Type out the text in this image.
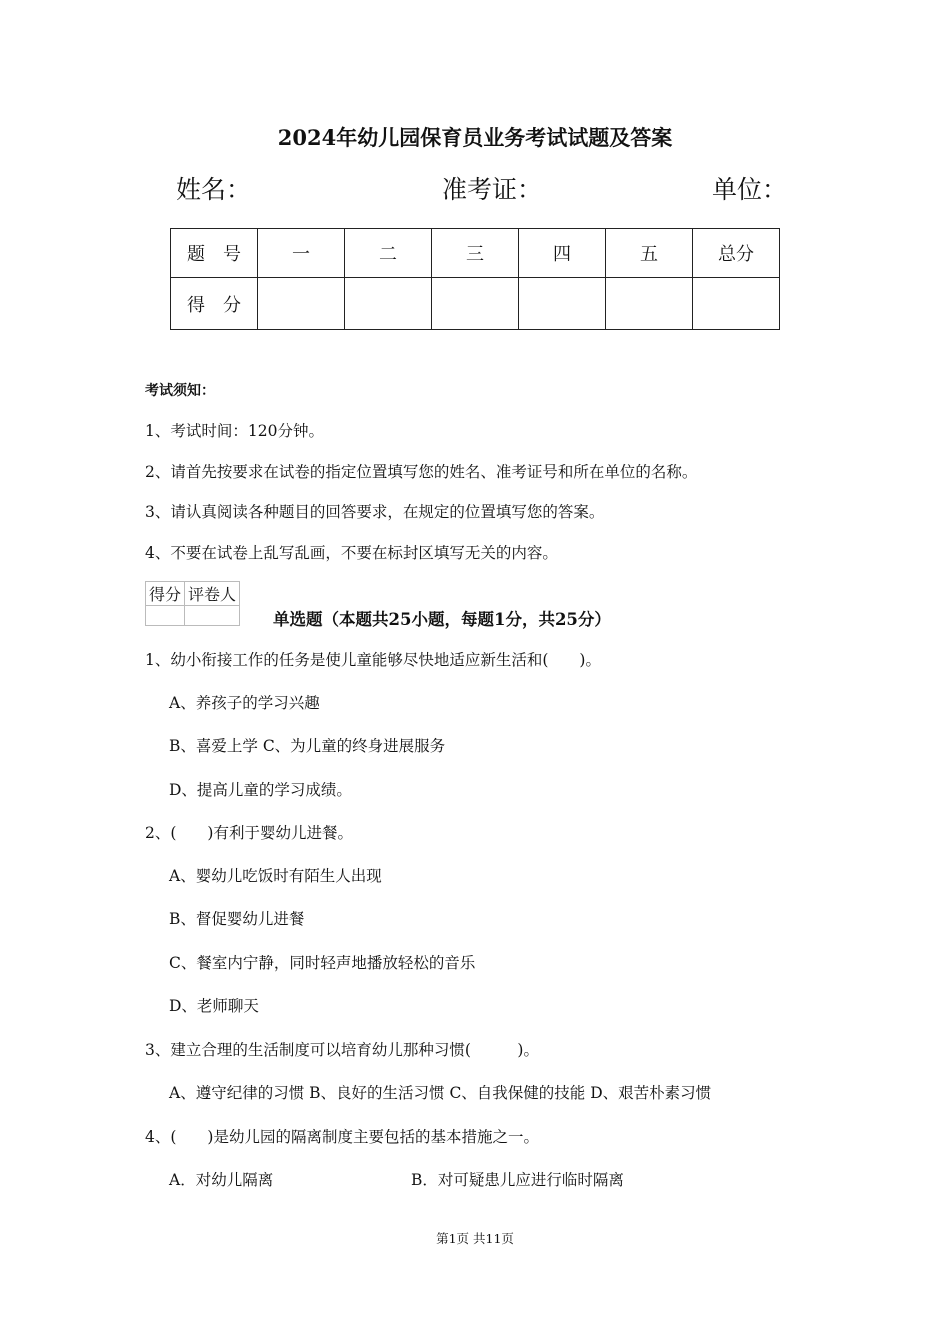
2024年幼儿园保育员业务考试试题及答案
姓名：	准考证：	单位：
题　号	一	二	三	四	五	总分
得　分						
考试须知：
1、考试时间：120分钟。
2、请首先按要求在试卷的指定位置填写您的姓名、准考证号和所在单位的名称。
3、请认真阅读各种题目的回答要求，在规定的位置填写您的答案。
4、不要在试卷上乱写乱画，不要在标封区填写无关的内容。
得分	评卷人

单选题（本题共25小题，每题1分，共25分）
1、幼小衔接工作的任务是使儿童能够尽快地适应新生活和(　　)。
A、养孩子的学习兴趣
B、喜爱上学 C、为儿童的终身进展服务
D、提高儿童的学习成绩。
2、(　　)有利于婴幼儿进餐。
A、婴幼儿吃饭时有陌生人出现
B、督促婴幼儿进餐
C、餐室内宁静，同时轻声地播放轻松的音乐
D、老师聊天
3、建立合理的生活制度可以培育幼儿那种习惯(　　　)。
A、遵守纪律的习惯 B、良好的生活习惯 C、自我保健的技能 D、艰苦朴素习惯
4、(　　)是幼儿园的隔离制度主要包括的基本措施之一。
A．对幼儿隔离	B．对可疑患儿应进行临时隔离
第1页 共11页
